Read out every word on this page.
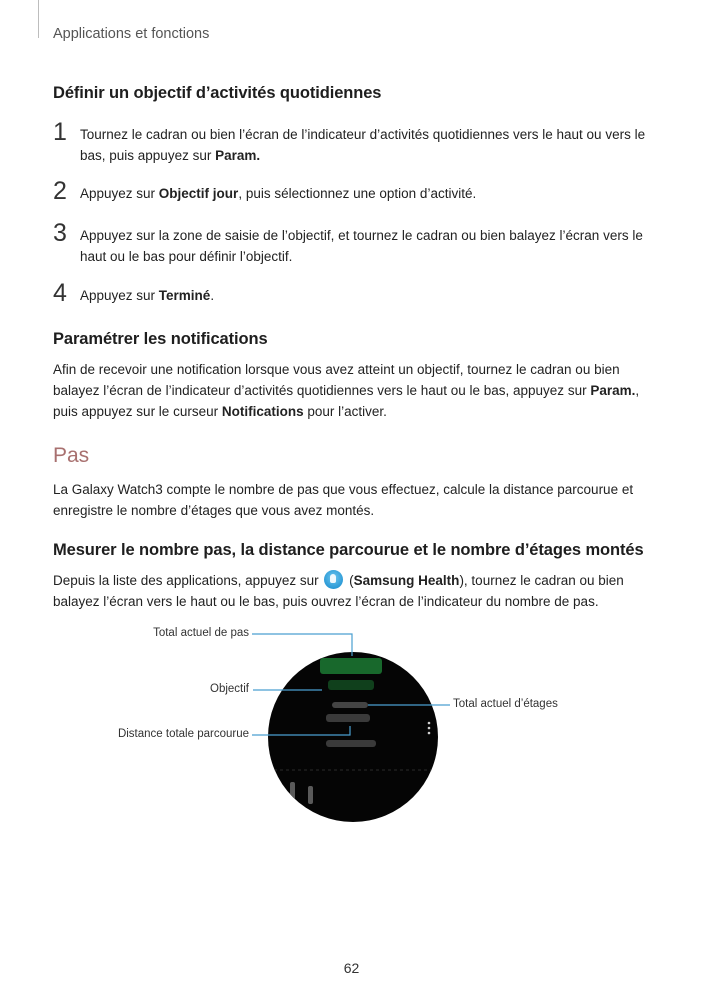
Applications et fonctions
Définir un objectif d’activités quotidiennes
1 Tournez le cadran ou bien l’écran de l’indicateur d’activités quotidiennes vers le haut ou vers le bas, puis appuyez sur Param.
2 Appuyez sur Objectif jour, puis sélectionnez une option d’activité.
3 Appuyez sur la zone de saisie de l’objectif, et tournez le cadran ou bien balayez l’écran vers le haut ou le bas pour définir l’objectif.
4 Appuyez sur Terminé.
Paramétrer les notifications
Afin de recevoir une notification lorsque vous avez atteint un objectif, tournez le cadran ou bien balayez l’écran de l’indicateur d’activités quotidiennes vers le haut ou le bas, appuyez sur Param., puis appuyez sur le curseur Notifications pour l’activer.
Pas
La Galaxy Watch3 compte le nombre de pas que vous effectuez, calcule la distance parcourue et enregistre le nombre d’étages que vous avez montés.
Mesurer le nombre pas, la distance parcourue et le nombre d’étages montés
Depuis la liste des applications, appuyez sur  (Samsung Health), tournez le cadran ou bien balayez l’écran vers le haut ou le bas, puis ouvrez l’écran de l’indicateur du nombre de pas.
Total actuel de pas
Objectif
Distance totale parcourue
Total actuel d’étages
62
